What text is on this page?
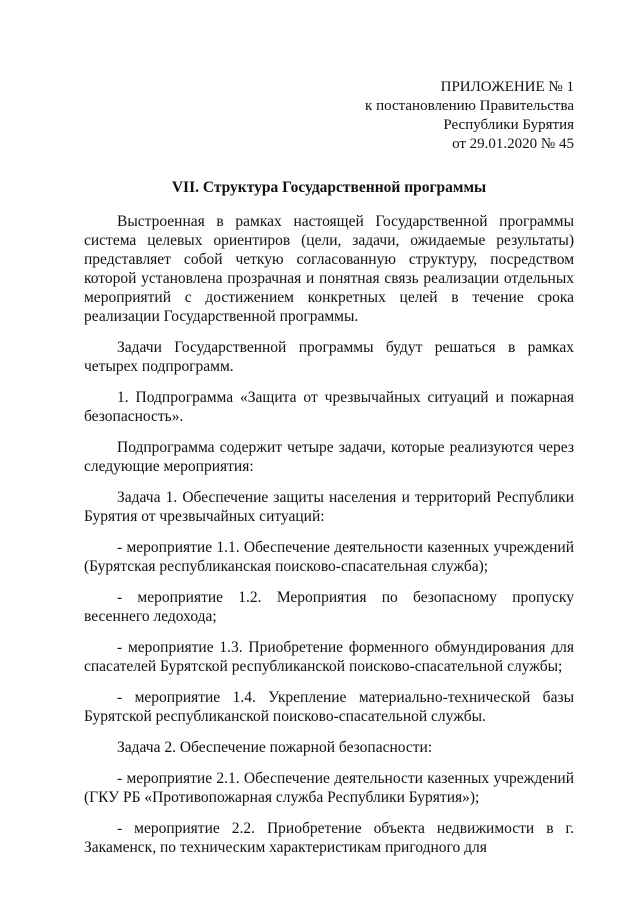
ПРИЛОЖЕНИЕ № 1
к постановлению Правительства
Республики Бурятия
от 29.01.2020 № 45
VII. Структура Государственной программы

Выстроенная в рамках настоящей Государственной программы система целевых ориентиров (цели, задачи, ожидаемые результаты) представляет собой четкую согласованную структуру, посредством которой установлена прозрачная и понятная связь реализации отдельных мероприятий с достижением конкретных целей в течение срока реализации Государственной программы.

Задачи Государственной программы будут решаться в рамках четырех подпрограмм.

1. Подпрограмма «Защита от чрезвычайных ситуаций и пожарная безопасность».

Подпрограмма содержит четыре задачи, которые реализуются через следующие мероприятия:

Задача 1. Обеспечение защиты населения и территорий Республики Бурятия от чрезвычайных ситуаций:

- мероприятие 1.1. Обеспечение деятельности казенных учреждений (Бурятская республиканская поисково-спасательная служба);

- мероприятие 1.2. Мероприятия по безопасному пропуску весеннего ледохода;

- мероприятие 1.3. Приобретение форменного обмундирования для спасателей Бурятской республиканской поисково-спасательной службы;

- мероприятие 1.4. Укрепление материально-технической базы Бурятской республиканской поисково-спасательной службы.

Задача 2. Обеспечение пожарной безопасности:

- мероприятие 2.1. Обеспечение деятельности казенных учреждений (ГКУ РБ «Противопожарная служба Республики Бурятия»);

- мероприятие 2.2. Приобретение объекта недвижимости в г. Закаменск, по техническим характеристикам пригодного для
